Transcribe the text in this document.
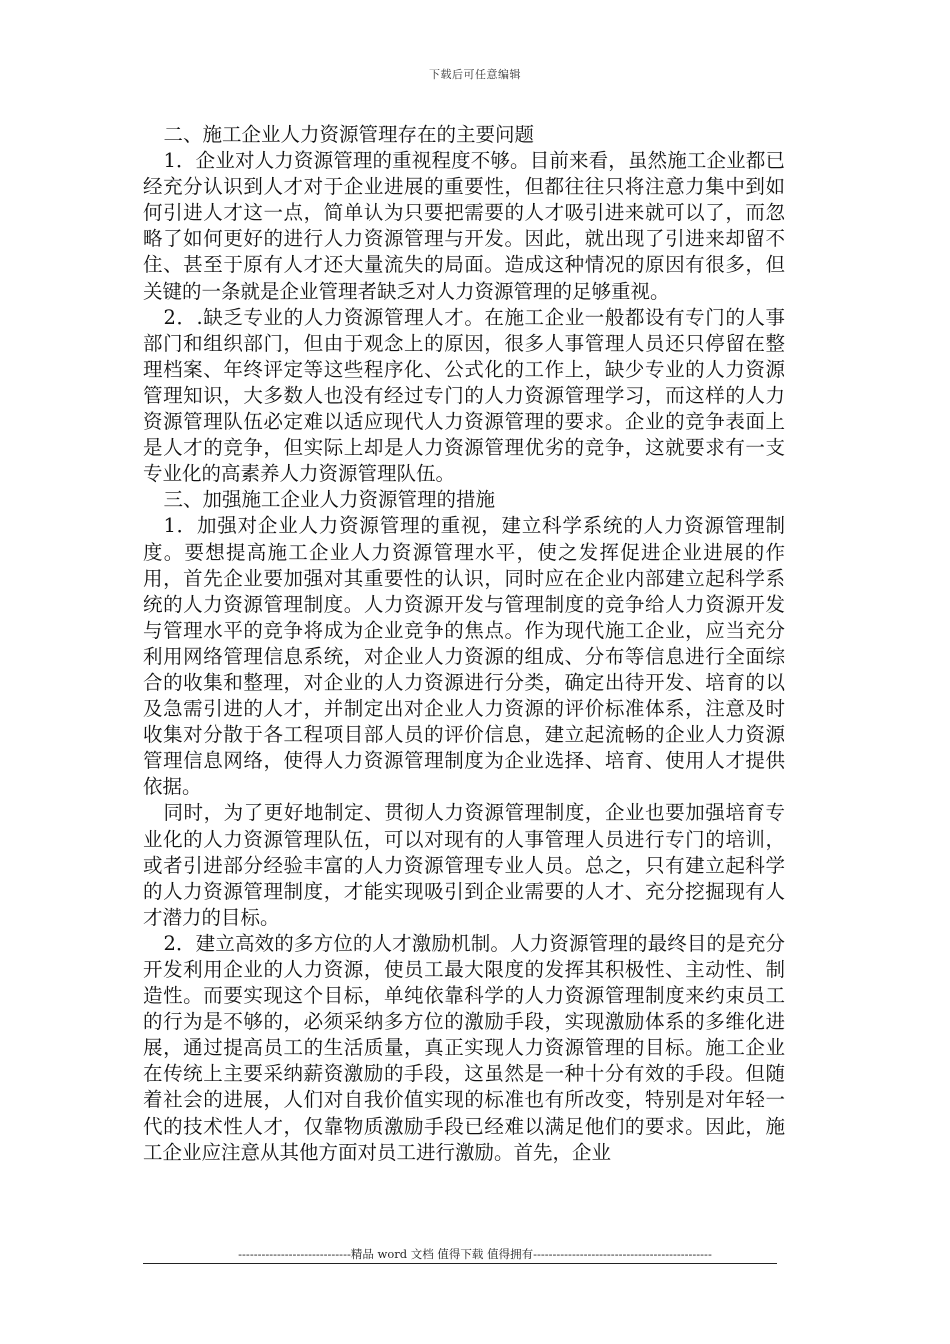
下载后可任意编辑

二、施工企业人力资源管理存在的主要问题

1．企业对人力资源管理的重视程度不够。目前来看，虽然施工企业都已经充分认识到人才对于企业进展的重要性，但都往往只将注意力集中到如何引进人才这一点，简单认为只要把需要的人才吸引进来就可以了，而忽略了如何更好的进行人力资源管理与开发。因此，就出现了引进来却留不住、甚至于原有人才还大量流失的局面。造成这种情况的原因有很多，但关键的一条就是企业管理者缺乏对人力资源管理的足够重视。

2．.缺乏专业的人力资源管理人才。在施工企业一般都设有专门的人事部门和组织部门，但由于观念上的原因，很多人事管理人员还只停留在整理档案、年终评定等这些程序化、公式化的工作上，缺少专业的人力资源管理知识，大多数人也没有经过专门的人力资源管理学习，而这样的人力资源管理队伍必定难以适应现代人力资源管理的要求。企业的竞争表面上是人才的竞争，但实际上却是人力资源管理优劣的竞争，这就要求有一支专业化的高素养人力资源管理队伍。

三、加强施工企业人力资源管理的措施

1．加强对企业人力资源管理的重视，建立科学系统的人力资源管理制度。要想提高施工企业人力资源管理水平，使之发挥促进企业进展的作用，首先企业要加强对其重要性的认识，同时应在企业内部建立起科学系统的人力资源管理制度。人力资源开发与管理制度的竞争给人力资源开发与管理水平的竞争将成为企业竞争的焦点。作为现代施工企业，应当充分利用网络管理信息系统，对企业人力资源的组成、分布等信息进行全面综合的收集和整理，对企业的人力资源进行分类，确定出待开发、培育的以及急需引进的人才，并制定出对企业人力资源的评价标准体系，注意及时收集对分散于各工程项目部人员的评价信息，建立起流畅的企业人力资源管理信息网络，使得人力资源管理制度为企业选择、培育、使用人才提供依据。

同时，为了更好地制定、贯彻人力资源管理制度，企业也要加强培育专业化的人力资源管理队伍，可以对现有的人事管理人员进行专门的培训，或者引进部分经验丰富的人力资源管理专业人员。总之，只有建立起科学的人力资源管理制度，才能实现吸引到企业需要的人才、充分挖掘现有人才潜力的目标。

2．建立高效的多方位的人才激励机制。人力资源管理的最终目的是充分开发利用企业的人力资源，使员工最大限度的发挥其积极性、主动性、制造性。而要实现这个目标，单纯依靠科学的人力资源管理制度来约束员工的行为是不够的，必须采纳多方位的激励手段，实现激励体系的多维化进展，通过提高员工的生活质量，真正实现人力资源管理的目标。施工企业在传统上主要采纳薪资激励的手段，这虽然是一种十分有效的手段。但随着社会的进展，人们对自我价值实现的标准也有所改变，特别是对年轻一代的技术性人才，仅靠物质激励手段已经难以满足他们的要求。因此，施工企业应注意从其他方面对员工进行激励。首先，企业

-----------------------------精品 word 文档 值得下载 值得拥有----------------------------------------------
